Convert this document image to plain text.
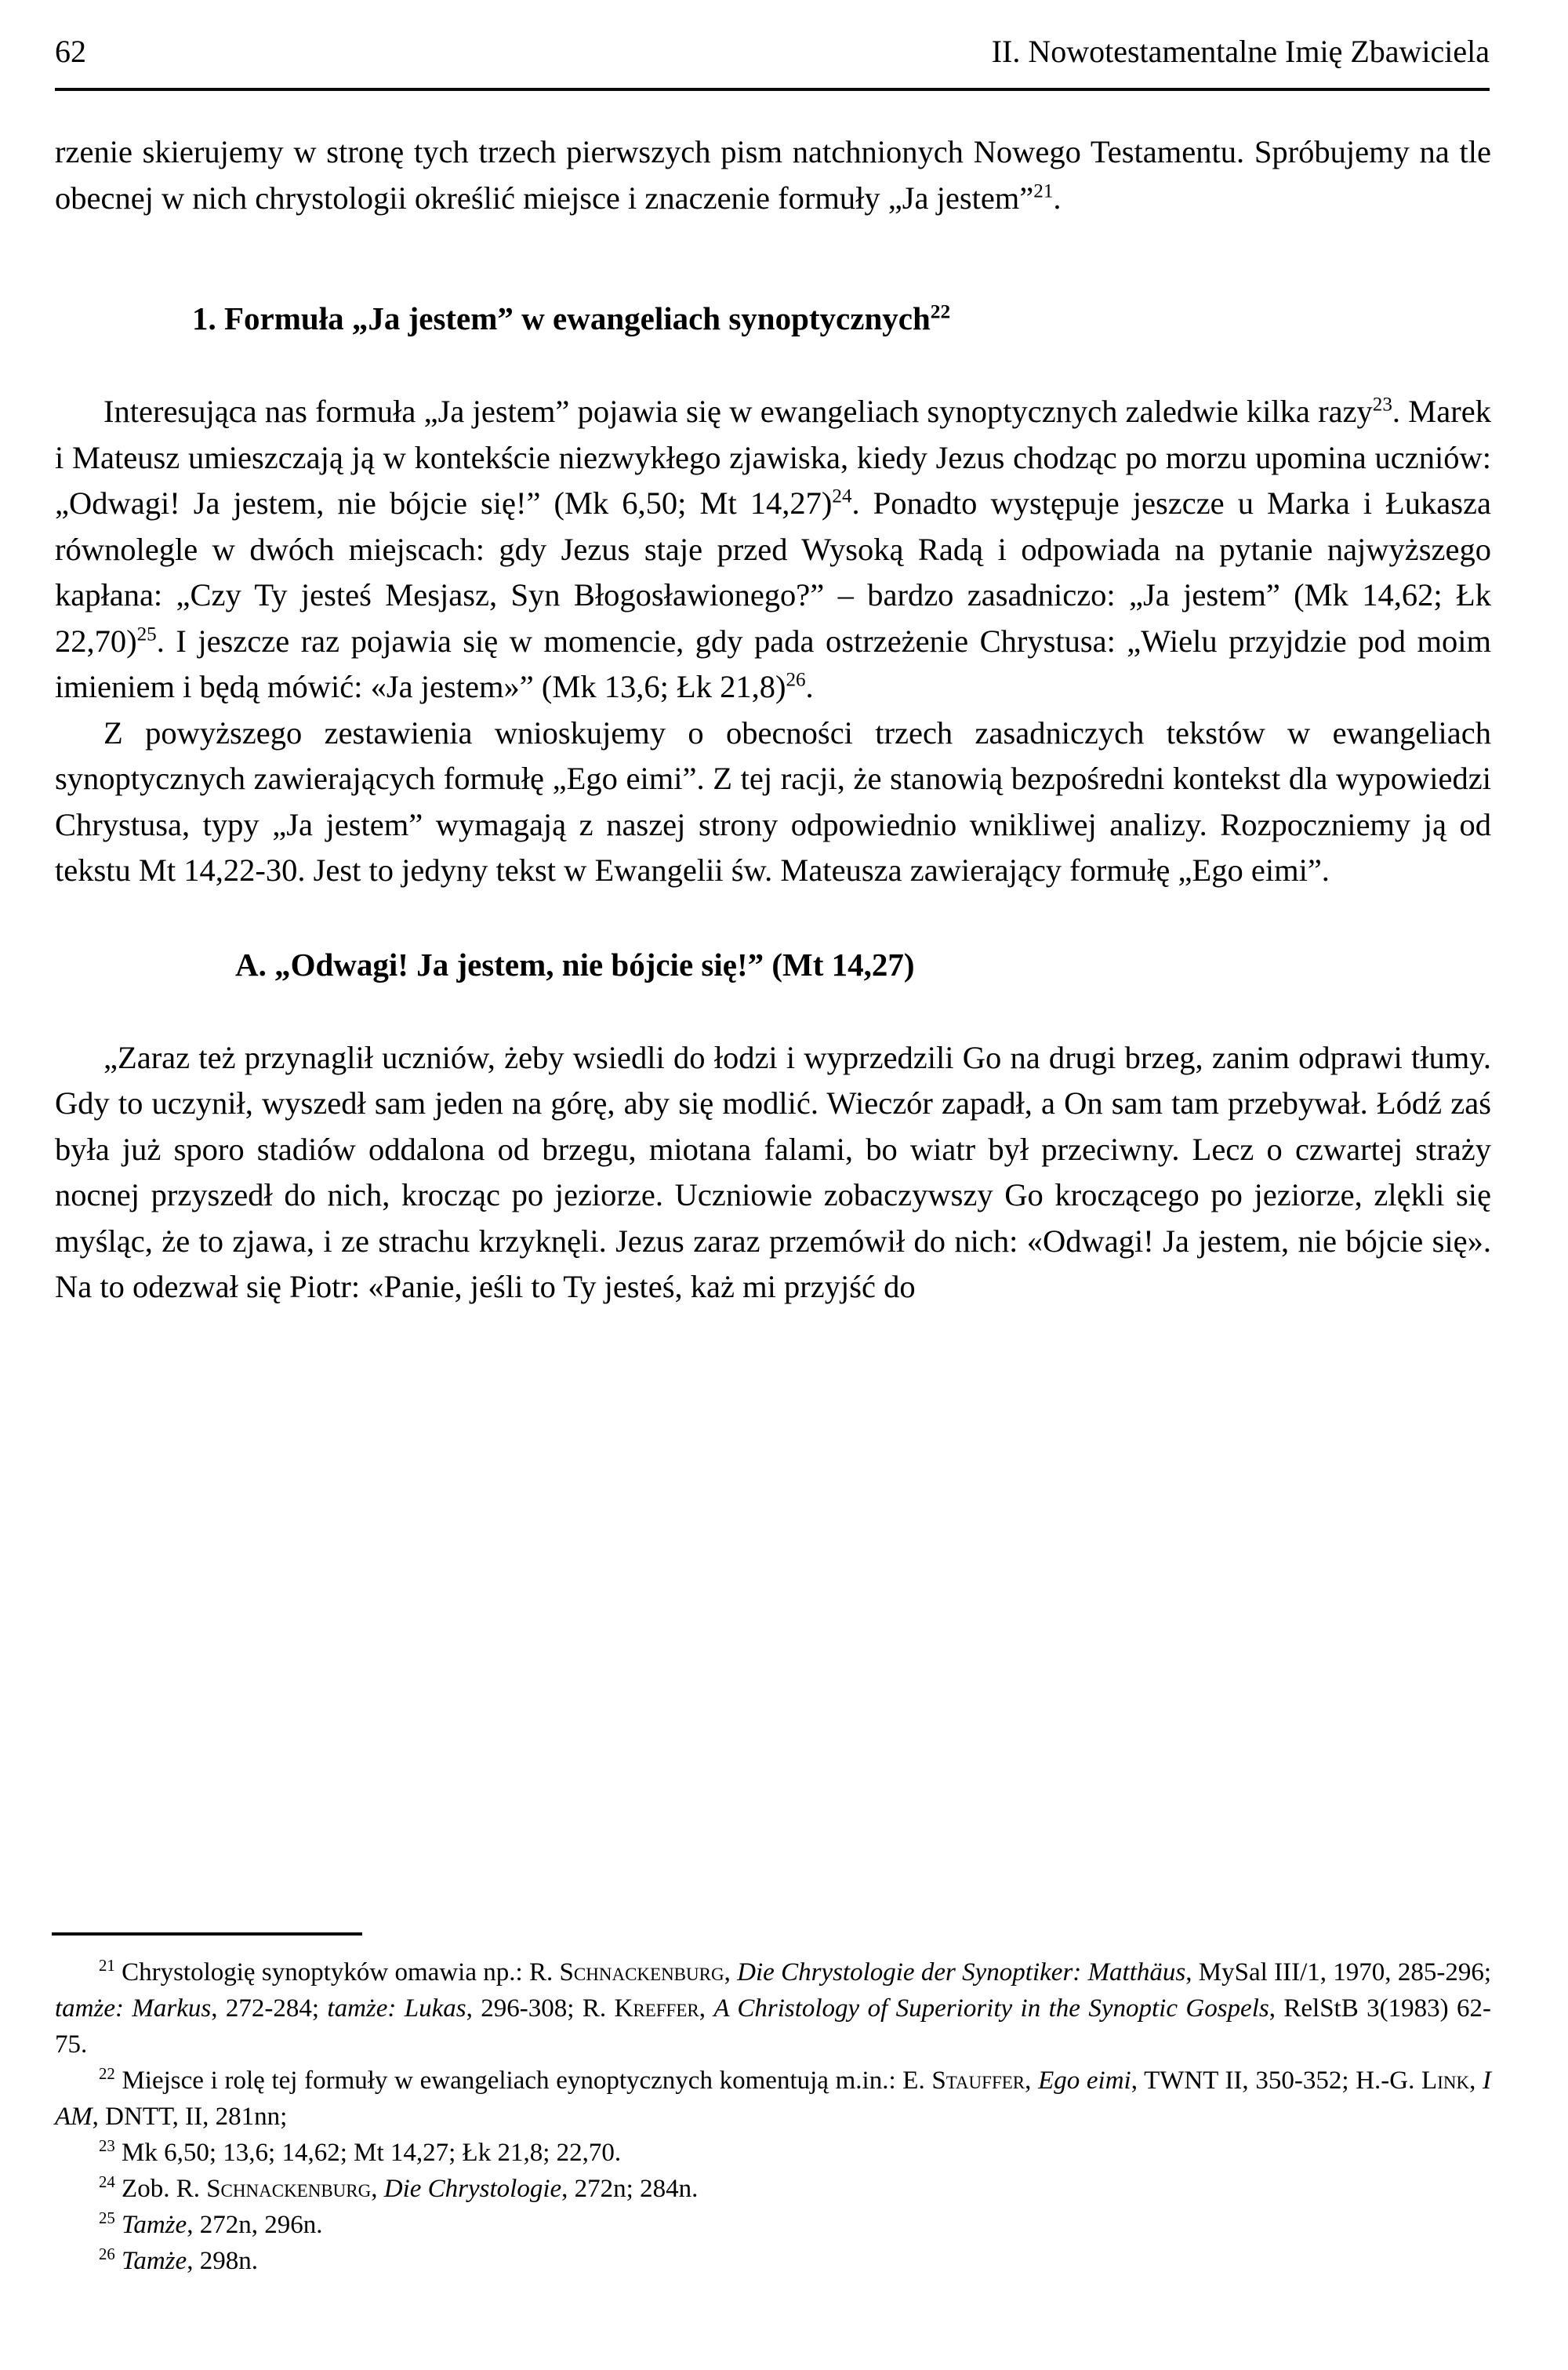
62	II. Nowotestamentalne Imię Zbawiciela

rzenie skierujemy w stronę tych trzech pierwszych pism natchnionych Nowego Testamentu. Spróbujemy na tle obecnej w nich chrystologii określić miejsce i znaczenie formuły „Ja jestem”$^{21}$.

1. Formuła „Ja jestem” w ewangeliach synoptycznych$^{22}$

Interesująca nas formuła „Ja jestem” pojawia się w ewangeliach synoptycznych zaledwie kilka razy$^{23}$. Marek i Mateusz umieszczają ją w kontekście niezwykłego zjawiska, kiedy Jezus chodząc po morzu upomina uczniów: „Odwagi! Ja jestem, nie bójcie się!” (Mk 6,50; Mt 14,27)$^{24}$. Ponadto występuje jeszcze u Marka i Łukasza równolegle w dwóch miejscach: gdy Jezus staje przed Wysoką Radą i odpowiada na pytanie najwyższego kapłana: „Czy Ty jesteś Mesjasz, Syn Błogosławionego?” – bardzo zasadniczo: „Ja jestem” (Mk 14,62; Łk 22,70)$^{25}$. I jeszcze raz pojawia się w momencie, gdy pada ostrzeżenie Chrystusa: „Wielu przyjdzie pod moim imieniem i będą mówić: «Ja jestem»” (Mk 13,6; Łk 21,8)$^{26}$.

Z powyższego zestawienia wnioskujemy o obecności trzech zasadniczych tekstów w ewangeliach synoptycznych zawierających formułę „Ego eimi”. Z tej racji, że stanowią bezpośredni kontekst dla wypowiedzi Chrystusa, typy „Ja jestem” wymagają z naszej strony odpowiednio wnikliwej analizy. Rozpoczniemy ją od tekstu Mt 14,22-30. Jest to jedyny tekst w Ewangelii św. Mateusza zawierający formułę „Ego eimi”.

A. „Odwagi! Ja jestem, nie bójcie się!” (Mt 14,27)

„Zaraz też przynaglił uczniów, żeby wsiedli do łodzi i wyprzedzili Go na drugi brzeg, zanim odprawi tłumy. Gdy to uczynił, wyszedł sam jeden na górę, aby się modlić. Wieczór zapadł, a On sam tam przebywał. Łódź zaś była już sporo stadiów oddalona od brzegu, miotana falami, bo wiatr był przeciwny. Lecz o czwartej straży nocnej przyszedł do nich, krocząc po jeziorze. Uczniowie zobaczywszy Go kroczącego po jeziorze, zlękli się myśląc, że to zjawa, i ze strachu krzyknęli. Jezus zaraz przemówił do nich: «Odwagi! Ja jestem, nie bójcie się». Na to odezwał się Piotr: «Panie, jeśli to Ty jesteś, każ mi przyjść do

$^{21}$ Chrystologię synoptyków omawia np.: R. Schnackenburg, Die Chrystologie der Synoptiker: Matthäus, MySal III/1, 1970, 285-296; tamże: Markus, 272-284; tamże: Lukas, 296-308; R. Kreffer, A Christology of Superiority in the Synoptic Gospels, RelStB 3(1983) 62-75.

$^{22}$ Miejsce i rolę tej formuły w ewangeliach eynoptycznych komentują m.in.: E. Stauffer, Ego eimi, TWNT II, 350-352; H.-G. Link, I AM, DNTT, II, 281nn;

$^{23}$ Mk 6,50; 13,6; 14,62; Mt 14,27; Łk 21,8; 22,70.

$^{24}$ Zob. R. Schnackenburg, Die Chrystologie, 272n; 284n.

$^{25}$ Tamże, 272n, 296n.

$^{26}$ Tamże, 298n.
